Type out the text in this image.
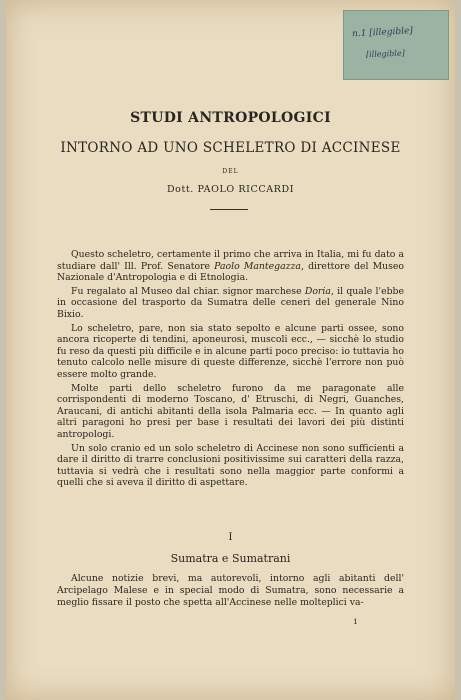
n.1 [illegible]
[illegible]
STUDI ANTROPOLOGICI
INTORNO AD UNO SCHELETRO DI ACCINESE
DEL
Dott. PAOLO RICCARDI

Questo scheletro, certamente il primo che arriva in Italia, mi fu dato a studiare dall' Ill. Prof. Senatore Paolo Mantegazza, direttore del Museo Nazionale d'Antropologia e di Etnologia.

Fu regalato al Museo dal chiar. signor marchese Doria, il quale l'ebbe in occasione del trasporto da Sumatra delle ceneri del generale Nino Bixio.

Lo scheletro, pare, non sia stato sepolto e alcune parti ossee, sono ancora ricoperte di tendini, aponeurosi, muscoli ecc., — sicchè lo studio fu reso da questi più difficile e in alcune parti poco preciso: io tuttavia ho tenuto calcolo nelle misure di queste differenze, sicchè l'errore non può essere molto grande.

Molte parti dello scheletro furono da me paragonate alle corrispondenti di moderno Toscano, d' Etruschi, di Negri, Guanches, Araucani, di antichi abitanti della isola Palmaria ecc. — In quanto agli altri paragoni ho presi per base i resultati dei lavori dei più distinti antropologi.

Un solo cranio ed un solo scheletro di Accinese non sono sufficienti a dare il diritto di trarre conclusioni positivissime sui caratteri della razza, tuttavia si vedrà che i resultati sono nella maggior parte conformi a quelli che si aveva il diritto di aspettare.

I
Sumatra e Sumatrani

Alcune notizie brevi, ma autorevoli, intorno agli abitanti dell' Arcipelago Malese e in special modo di Sumatra, sono necessarie a meglio fissare il posto che spetta all'Accinese nelle molteplici va-

1
